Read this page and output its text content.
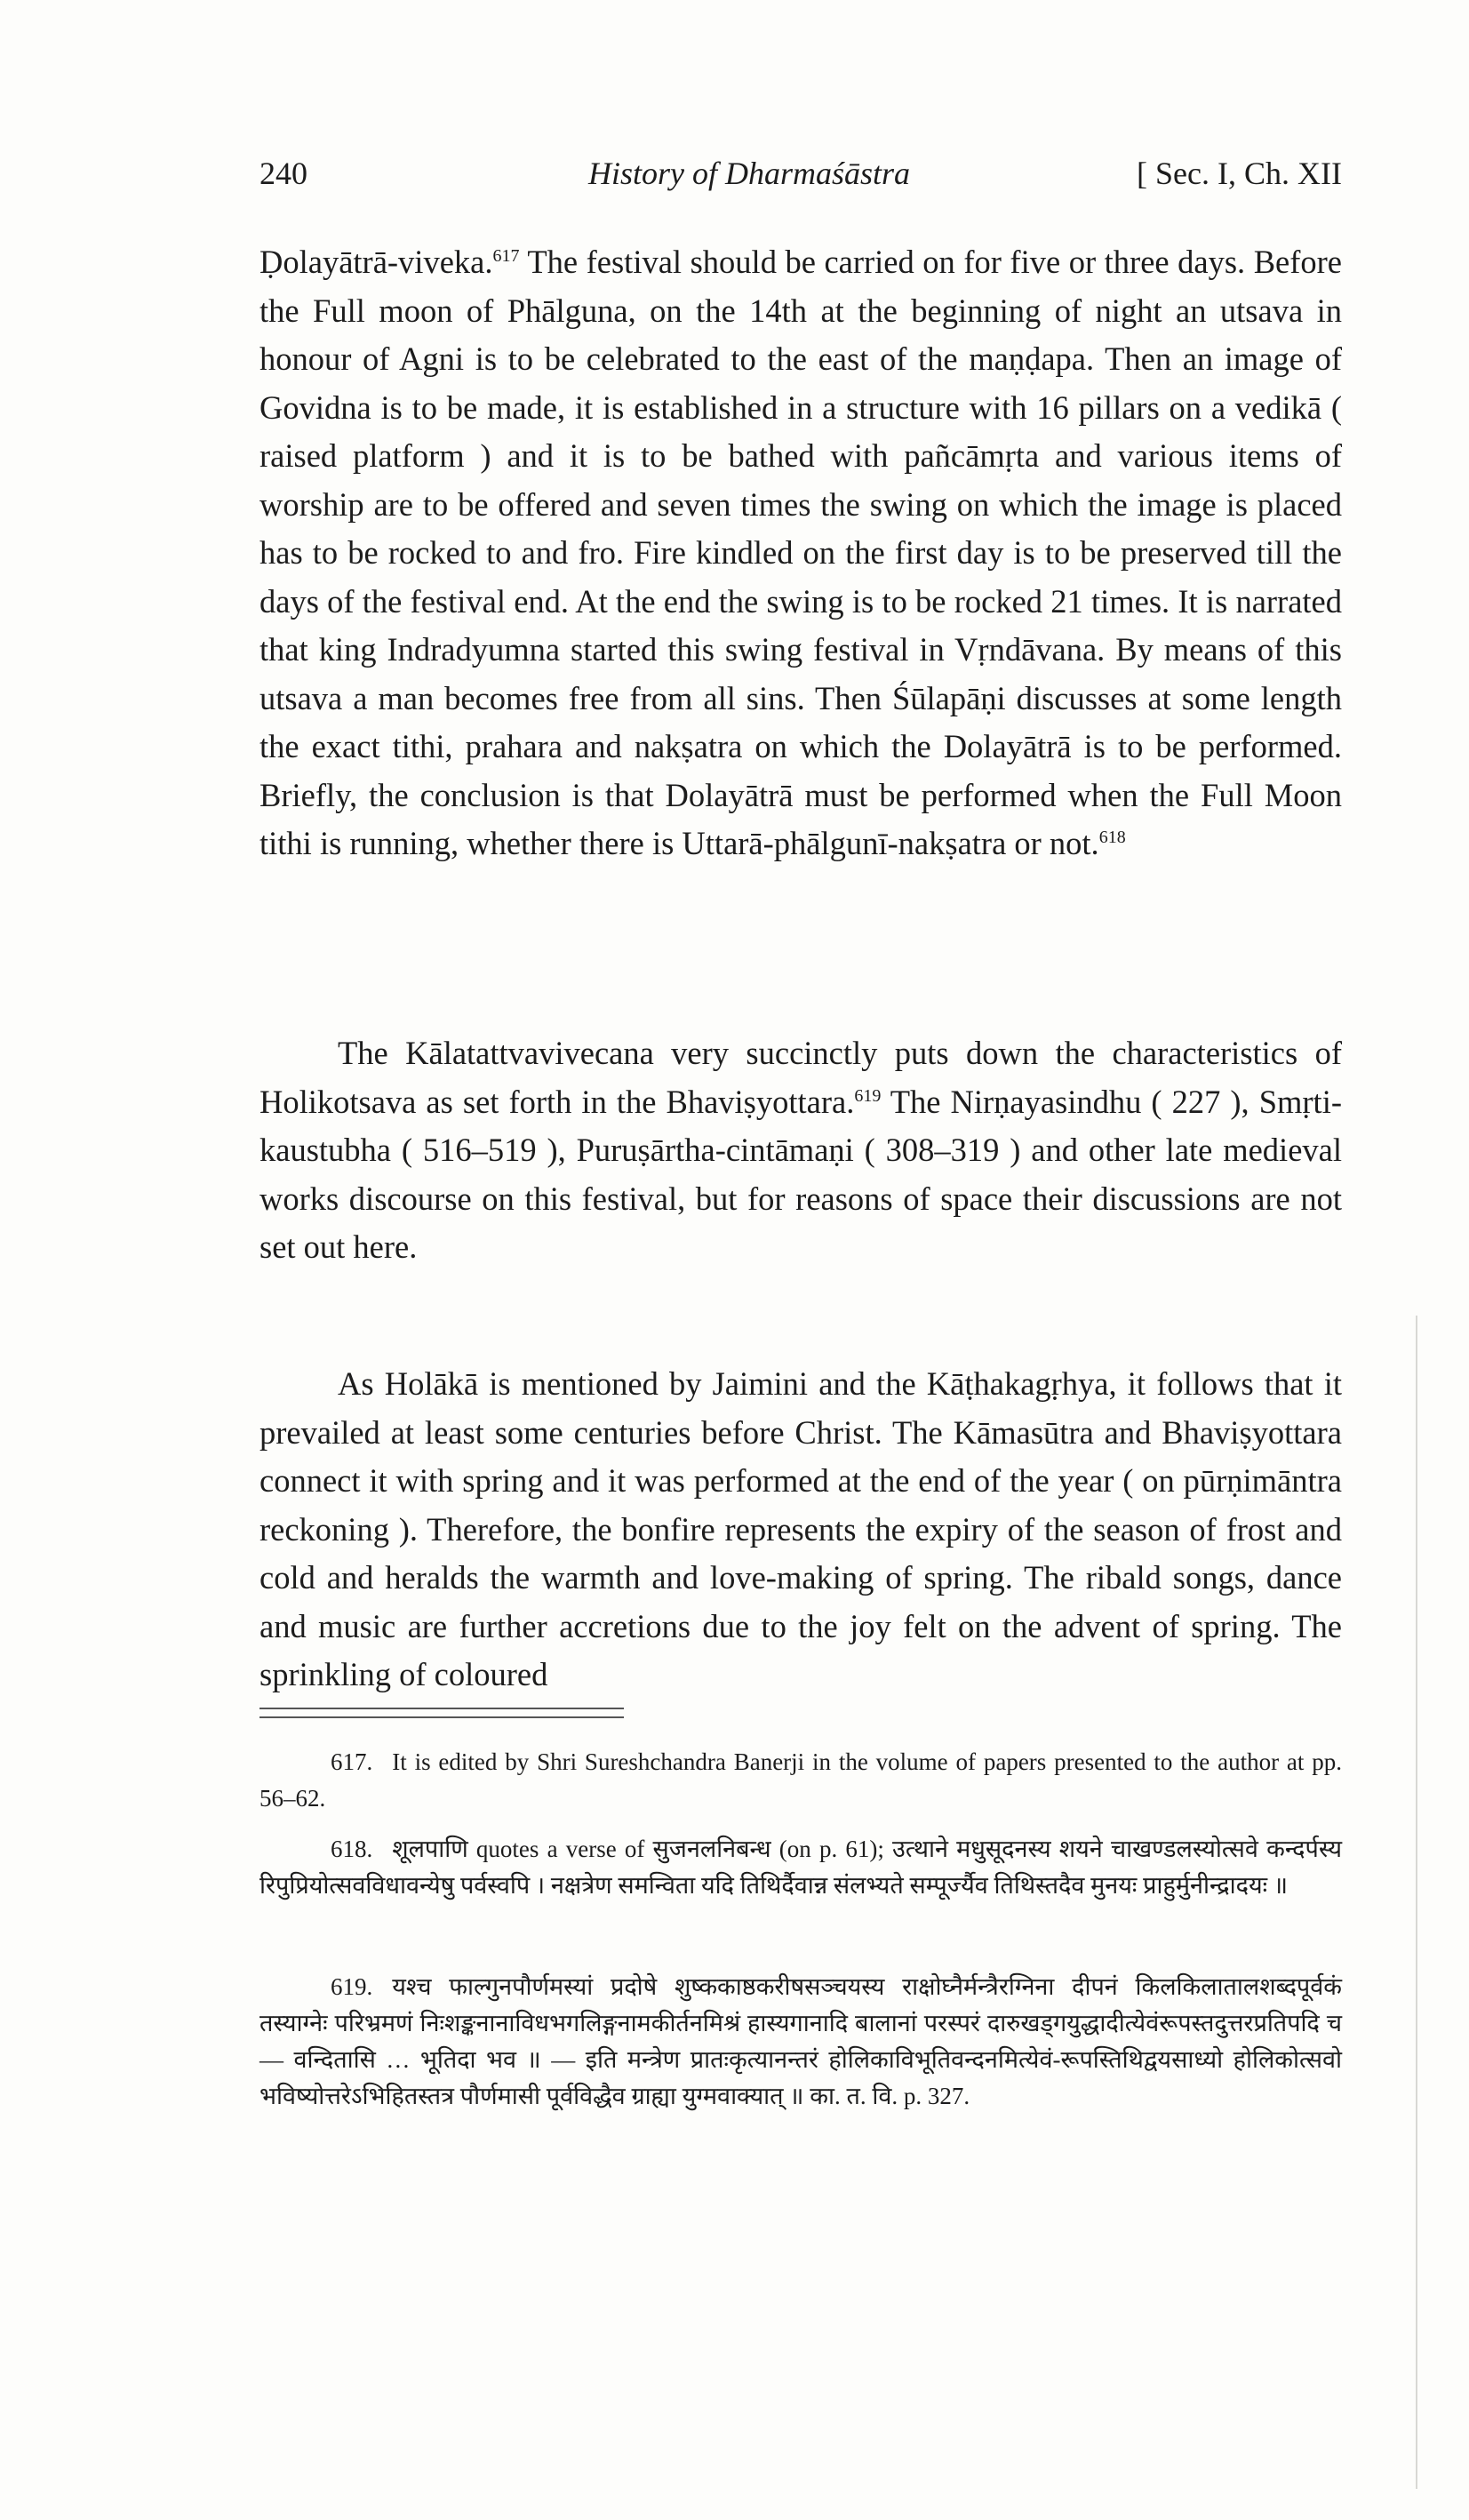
240	History of Dharmaśāstra	[ Sec. I, Ch. XII

Ḍolayātrā-viveka.$^{617}$ The festival should be carried on for five or three days. Before the Full moon of Phālguna, on the 14th at the beginning of night an utsava in honour of Agni is to be celebrated to the east of the maṇḍapa. Then an image of Govidna is to be made, it is established in a structure with 16 pillars on a vedikā ( raised platform ) and it is to be bathed with pañcāmṛta and various items of worship are to be offered and seven times the swing on which the image is placed has to be rocked to and fro. Fire kindled on the first day is to be preserved till the days of the festival end. At the end the swing is to be rocked 21 times. It is narrated that king Indradyumna started this swing festival in Vṛndāvana. By means of this utsava a man becomes free from all sins. Then Śūlapāṇi discusses at some length the exact tithi, prahara and nakṣatra on which the Dolayātrā is to be performed. Briefly, the conclusion is that Dolayātrā must be performed when the Full Moon tithi is running, whether there is Uttarā-phālgunī-nakṣatra or not.$^{618}$

The Kālatattvavivecana very succinctly puts down the characteristics of Holikotsava as set forth in the Bhaviṣyottara.$^{619}$ The Nirṇayasindhu ( 227 ), Smṛti-kaustubha ( 516–519 ), Puruṣārtha-cintāmaṇi ( 308–319 ) and other late medieval works discourse on this festival, but for reasons of space their discussions are not set out here.

As Holākā is mentioned by Jaimini and the Kāṭhakagṛhya, it follows that it prevailed at least some centuries before Christ. The Kāmasūtra and Bhaviṣyottara connect it with spring and it was performed at the end of the year ( on pūrṇimāntra reckoning ). Therefore, the bonfire represents the expiry of the season of frost and cold and heralds the warmth and love-making of spring. The ribald songs, dance and music are further accretions due to the joy felt on the advent of spring. The sprinkling of coloured

617. It is edited by Shri Sureshchandra Banerji in the volume of papers presented to the author at pp. 56–62.

618. शूलपाणि quotes a verse of सुजनलनिबन्ध (on p. 61); उत्थाने मधुसूदनस्य शयने चाखण्डलस्योत्सवे कन्दर्पस्य रिपुप्रियोत्सवविधावन्येषु पर्वस्वपि । नक्षत्रेण समन्विता यदि तिथिर्दैवान्न संलभ्यते सम्पूर्ज्यैव तिथिस्तदैव मुनयः प्राहुर्मुनीन्द्रादयः ॥

619. यश्च फाल्गुनपौर्णमस्यां प्रदोषे शुष्ककाष्ठकरीषसञ्चयस्य राक्षोघ्नैर्मन्त्रैरग्निना दीपनं किलकिलातालशब्दपूर्वकं तस्याग्नेः परिभ्रमणं निःशङ्कनानाविधभगलिङ्गनामकीर्तनमिश्रं हास्यगानादि बालानां परस्परं दारुखड्गयुद्धादीत्येवंरूपस्तदुत्तरप्रतिपदि च — वन्दितासि … भूतिदा भव ॥ — इति मन्त्रेण प्रातःकृत्यानन्तरं होलिकाविभूतिवन्दनमित्येवं-रूपस्तिथिद्वयसाध्यो होलिकोत्सवो भविष्योत्तरेऽभिहितस्तत्र पौर्णमासी पूर्वविद्धैव ग्राह्या युग्मवाक्यात् ॥ का. त. वि. p. 327.
